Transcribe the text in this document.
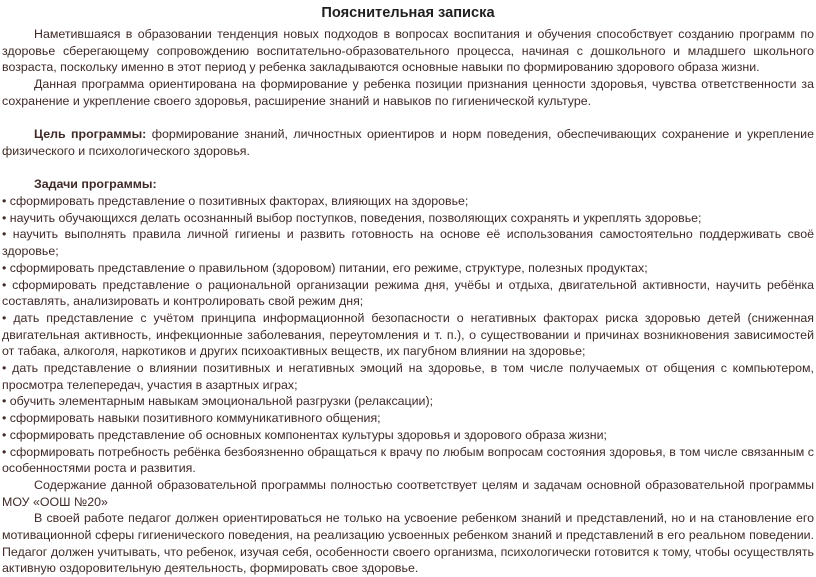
Пояснительная записка

Наметившаяся в образовании тенденция новых подходов в вопросах воспитания и обучения способствует созданию программ по здоровье сберегающему сопровождению воспитательно-образовательного процесса, начиная с дошкольного и младшего школьного возраста, поскольку именно в этот период у ребенка закладываются основные навыки по формированию здорового образа жизни.

Данная программа ориентирована на формирование у ребенка позиции признания ценности здоровья, чувства ответственности за сохранение и укрепление своего здоровья, расширение знаний и навыков по гигиенической культуре.

Цель программы: формирование знаний, личностных ориентиров и норм поведения, обеспечивающих сохранение и укрепление физического и психологического здоровья.

Задачи программы:

• сформировать представление о позитивных факторах, влияющих на здоровье;

• научить обучающихся делать осознанный выбор поступков, поведения, позволяющих сохранять и укреплять здоровье;

• научить выполнять правила личной гигиены и развить готовность на основе её использования самостоятельно поддерживать своё здоровье;

• сформировать представление о правильном (здоровом) питании, его режиме, структуре, полезных продуктах;

• сформировать представление о рациональной организации режима дня, учёбы и отдыха, двигательной активности, научить ребёнка составлять, анализировать и контролировать свой режим дня;

• дать представление с учётом принципа информационной безопасности о негативных факторах риска здоровью детей (сниженная двигательная активность, инфекционные заболевания, переутомления и т. п.), о существовании и причинах возникновения зависимостей от табака, алкоголя, наркотиков и других психоактивных веществ, их пагубном влиянии на здоровье;

• дать представление о влиянии позитивных и негативных эмоций на здоровье, в том числе получаемых от общения с компьютером, просмотра телепередач, участия в азартных играх;

• обучить элементарным навыкам эмоциональной разгрузки (релаксации);

• сформировать навыки позитивного коммуникативного общения;

• сформировать представление об основных компонентах культуры здоровья и здорового образа жизни;

• сформировать потребность ребёнка безбоязненно обращаться к врачу по любым вопросам состояния здоровья, в том числе связанным с особенностями роста и развития.

Содержание данной образовательной программы полностью соответствует целям и задачам основной образовательной программы МОУ «ООШ №20»

В своей работе педагог должен ориентироваться не только на усвоение ребенком знаний и представлений, но и на становление его мотивационной сферы гигиенического поведения, на реализацию усвоенных ребенком знаний и представлений в его реальном поведении. Педагог должен учитывать, что ребенок, изучая себя, особенности своего организма, психологически готовится к тому, чтобы осуществлять активную оздоровительную деятельность, формировать свое здоровье.
